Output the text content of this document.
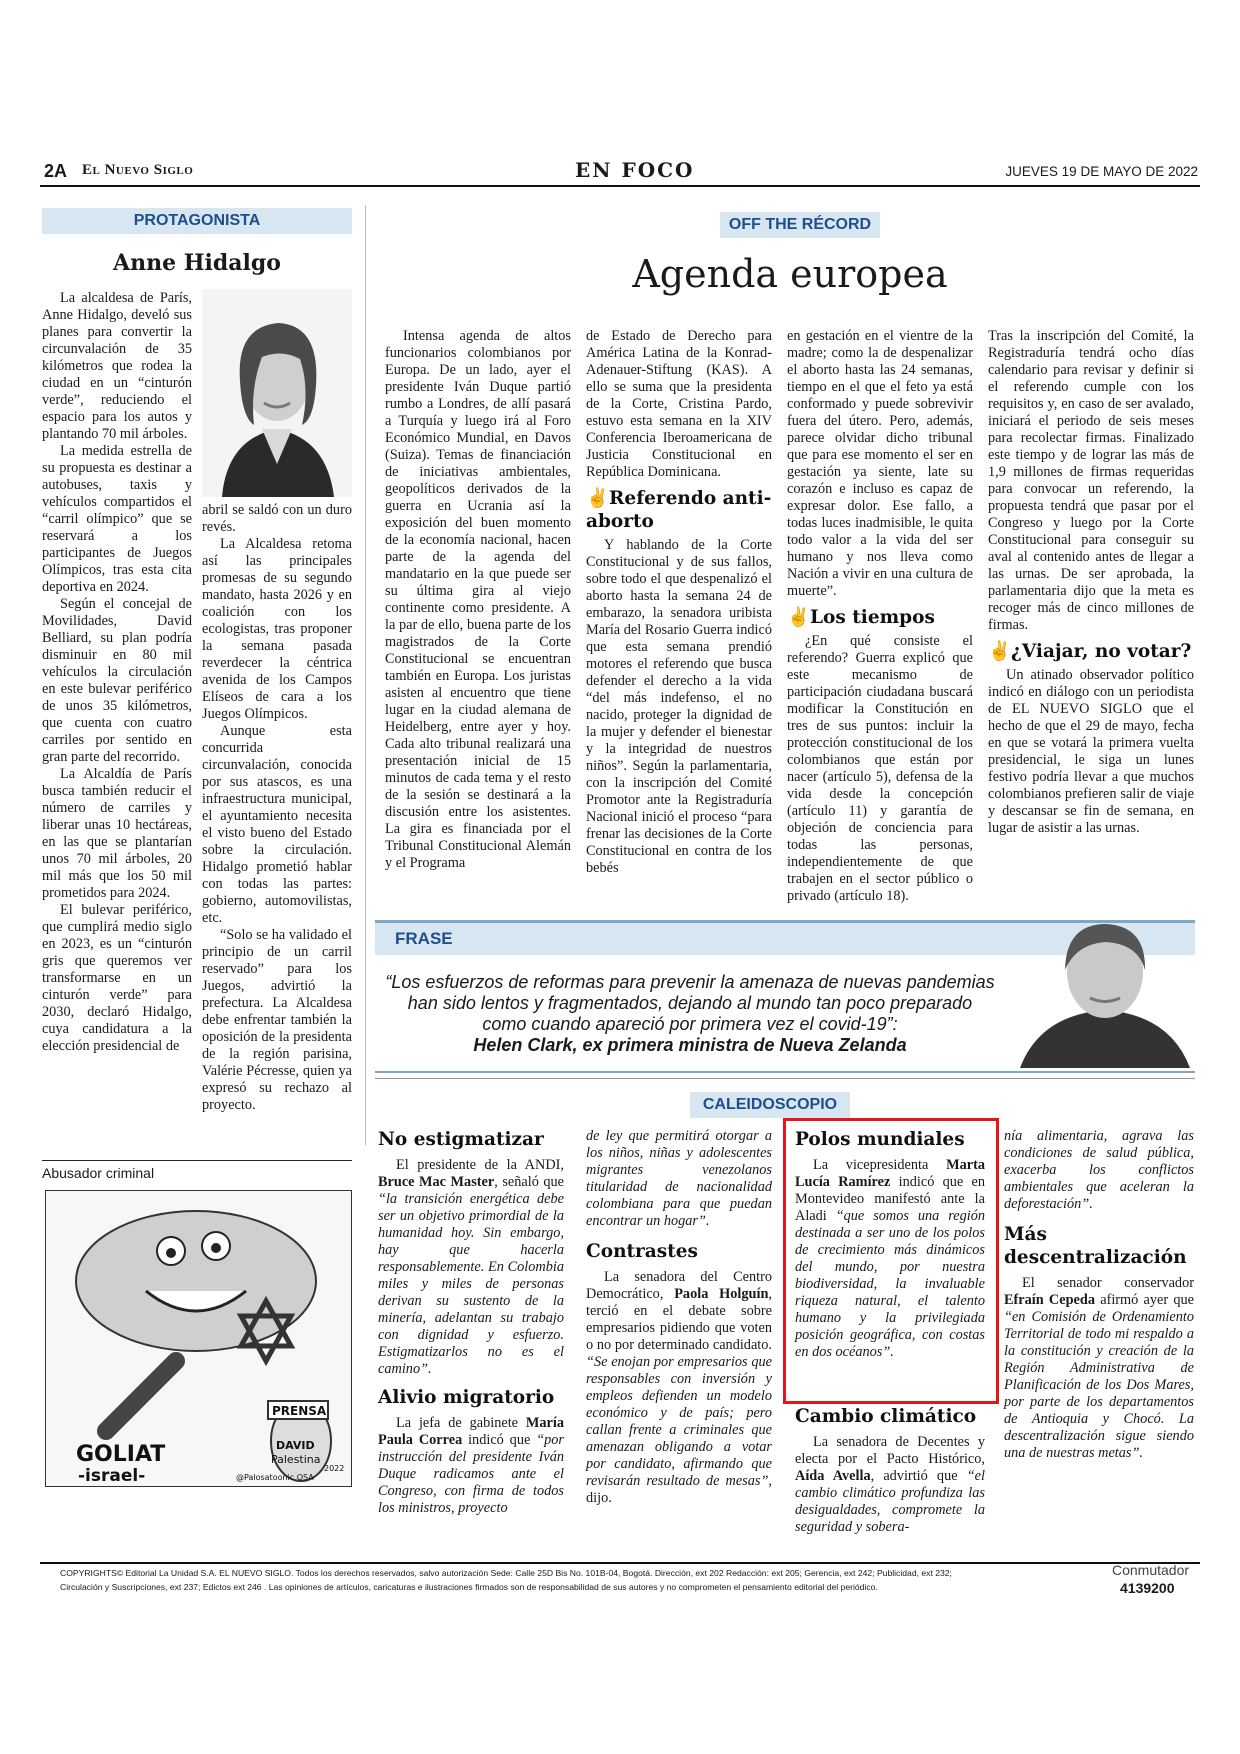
2A El Nuevo Siglo	EN FOCO	JUEVES 19 DE MAYO DE 2022
PROTAGONISTA
Anne Hidalgo

La alcaldesa de París, Anne Hidalgo, develó sus planes para convertir la circunvalación de 35 kilómetros que rodea la ciudad en un “cinturón verde”, reduciendo el espacio para los autos y plantando 70 mil árboles.

La medida estrella de su propuesta es destinar a autobuses, taxis y vehículos compartidos el “carril olímpico” que se reservará a los participantes de Juegos Olímpicos, tras esta cita deportiva en 2024.

Según el concejal de Movilidades, David Belliard, su plan podría disminuir en 80 mil vehículos la circulación en este bulevar periférico de unos 35 kilómetros, que cuenta con cuatro carriles por sentido en gran parte del recorrido.

La Alcaldía de París busca también reducir el número de carriles y liberar unas 10 hectáreas, en las que se plantarían unos 70 mil árboles, 20 mil más que los 50 mil prometidos para 2024.

El bulevar periférico, que cumplirá medio siglo en 2023, es un “cinturón gris que queremos ver transformarse en un cinturón verde” para 2030, declaró Hidalgo, cuya candidatura a la elección presidencial de

abril se saldó con un duro revés.

La Alcaldesa retoma así las principales promesas de su segundo mandato, hasta 2026 y en coalición con los ecologistas, tras proponer la semana pasada reverdecer la céntrica avenida de los Campos Elíseos de cara a los Juegos Olímpicos.

Aunque esta concurrida circunvalación, conocida por sus atascos, es una infraestructura municipal, el ayuntamiento necesita el visto bueno del Estado sobre la circulación. Hidalgo prometió hablar con todas las partes: gobierno, automovilistas, etc.

“Solo se ha validado el principio de un carril reservado” para los Juegos, advirtió la prefectura. La Alcaldesa debe enfrentar también la oposición de la presidenta de la región parisina, Valérie Pécresse, quien ya expresó su rechazo al proyecto.

Abusador criminal
GOLIAT
-israel-
PRENSA
DAVID
Palestina
@Palosatoonic OSA
2022
OFF THE RÉCORD
Agenda europea

Intensa agenda de altos funcionarios colombianos por Europa. De un lado, ayer el presidente Iván Duque partió rumbo a Londres, de allí pasará a Turquía y luego irá al Foro Económico Mundial, en Davos (Suiza). Temas de financiación de iniciativas ambientales, geopolíticos derivados de la guerra en Ucrania así la exposición del buen momento de la economía nacional, hacen parte de la agenda del mandatario en la que puede ser su última gira al viejo continente como presidente. A la par de ello, buena parte de los magistrados de la Corte Constitucional se encuentran también en Europa. Los juristas asisten al encuentro que tiene lugar en la ciudad alemana de Heidelberg, entre ayer y hoy. Cada alto tribunal realizará una presentación inicial de 15 minutos de cada tema y el resto de la sesión se destinará a la discusión entre los asistentes. La gira es financiada por el Tribunal Constitucional Alemán y el Programa

de Estado de Derecho para América Latina de la Konrad-Adenauer-Stiftung (KAS). A ello se suma que la presidenta de la Corte, Cristina Pardo, estuvo esta semana en la XIV Conferencia Iberoamericana de Justicia Constitucional en República Dominicana.

✌Referendo anti-aborto

Y hablando de la Corte Constitucional y de sus fallos, sobre todo el que despenalizó el aborto hasta la semana 24 de embarazo, la senadora uribista María del Rosario Guerra indicó que esta semana prendió motores el referendo que busca defender el derecho a la vida “del más indefenso, el no nacido, proteger la dignidad de la mujer y defender el bienestar y la integridad de nuestros niños”. Según la parlamentaria, con la inscripción del Comité Promotor ante la Registraduría Nacional inició el proceso “para frenar las decisiones de la Corte Constitucional en contra de los bebés

en gestación en el vientre de la madre; como la de despenalizar el aborto hasta las 24 semanas, tiempo en el que el feto ya está conformado y puede sobrevivir fuera del útero. Pero, además, parece olvidar dicho tribunal que para ese momento el ser en gestación ya siente, late su corazón e incluso es capaz de expresar dolor. Ese fallo, a todas luces inadmisible, le quita todo valor a la vida del ser humano y nos lleva como Nación a vivir en una cultura de muerte”.

✌Los tiempos

¿En qué consiste el referendo? Guerra explicó que este mecanismo de participación ciudadana buscará modificar la Constitución en tres de sus puntos: incluir la protección constitucional de los colombianos que están por nacer (artículo 5), defensa de la vida desde la concepción (artículo 11) y garantía de objeción de conciencia para todas las personas, independientemente de que trabajen en el sector público o privado (artículo 18).

Tras la inscripción del Comité, la Registraduría tendrá ocho días calendario para revisar y definir si el referendo cumple con los requisitos y, en caso de ser avalado, iniciará el periodo de seis meses para recolectar firmas. Finalizado este tiempo y de lograr las más de 1,9 millones de firmas requeridas para convocar un referendo, la propuesta tendrá que pasar por el Congreso y luego por la Corte Constitucional para conseguir su aval al contenido antes de llegar a las urnas. De ser aprobada, la parlamentaria dijo que la meta es recoger más de cinco millones de firmas.

✌¿Viajar, no votar?

Un atinado observador político indicó en diálogo con un periodista de EL NUEVO SIGLO que el hecho de que el 29 de mayo, fecha en que se votará la primera vuelta presidencial, le siga un lunes festivo podría llevar a que muchos colombianos prefieren salir de viaje y descansar se fin de semana, en lugar de asistir a las urnas.

FRASE
“Los esfuerzos de reformas para prevenir la amenaza de nuevas pandemias han sido lentos y fragmentados, dejando al mundo tan poco preparado como cuando apareció por primera vez el covid-19”:
Helen Clark, ex primera ministra de Nueva Zelanda
CALEIDOSCOPIO
No estigmatizar

El presidente de la ANDI, Bruce Mac Master, señaló que “la transición energética debe ser un objetivo primordial de la humanidad hoy. Sin embargo, hay que hacerla responsablemente. En Colombia miles y miles de personas derivan su sustento de la minería, adelantan su trabajo con dignidad y esfuerzo. Estigmatizarlos no es el camino”.

Alivio migratorio

La jefa de gabinete María Paula Correa indicó que “por instrucción del presidente Iván Duque radicamos ante el Congreso, con firma de todos los ministros, proyecto

de ley que permitirá otorgar a los niños, niñas y adolescentes migrantes venezolanos titularidad de nacionalidad colombiana para que puedan encontrar un hogar”.

Contrastes

La senadora del Centro Democrático, Paola Holguín, terció en el debate sobre empresarios pidiendo que voten o no por determinado candidato. “Se enojan por empresarios que responsables con inversión y empleos defienden un modelo económico y de país; pero callan frente a criminales que amenazan obligando a votar por candidato, afirmando que revisarán resultado de mesas”, dijo.

Polos mundiales

La vicepresidenta Marta Lucía Ramírez indicó que en Montevideo manifestó ante la Aladi “que somos una región destinada a ser uno de los polos de crecimiento más dinámicos del mundo, por nuestra biodiversidad, la invaluable riqueza natural, el talento humano y la privilegiada posición geográfica, con costas en dos océanos”.

Cambio climático

La senadora de Decentes y electa por el Pacto Histórico, Aída Avella, advirtió que “el cambio climático profundiza las desigualdades, compromete la seguridad y sobera-

nía alimentaria, agrava las condiciones de salud pública, exacerba los conflictos ambientales que aceleran la deforestación”.

Más descentralización

El senador conservador Efraín Cepeda afirmó ayer que “en Comisión de Ordenamiento Territorial de todo mi respaldo a la constitución y creación de la Región Administrativa de Planificación de los Dos Mares, por parte de los departamentos de Antioquia y Chocó. La descentralización sigue siendo una de nuestras metas”.

COPYRIGHTS© Editorial La Unidad S.A. EL NUEVO SIGLO. Todos los derechos reservados, salvo autorización Sede: Calle 25D Bis No. 101B-04, Bogotá. Dirección, ext 202 Redacción: ext 205; Gerencia, ext 242; Publicidad, ext 232;
Circulación y Suscripciones, ext 237; Edictos ext 246 . Las opiniones de artículos, caricaturas e ilustraciones firmados son de responsabilidad de sus autores y no comprometen el pensamiento editorial del periódico.
Conmutador
4139200
